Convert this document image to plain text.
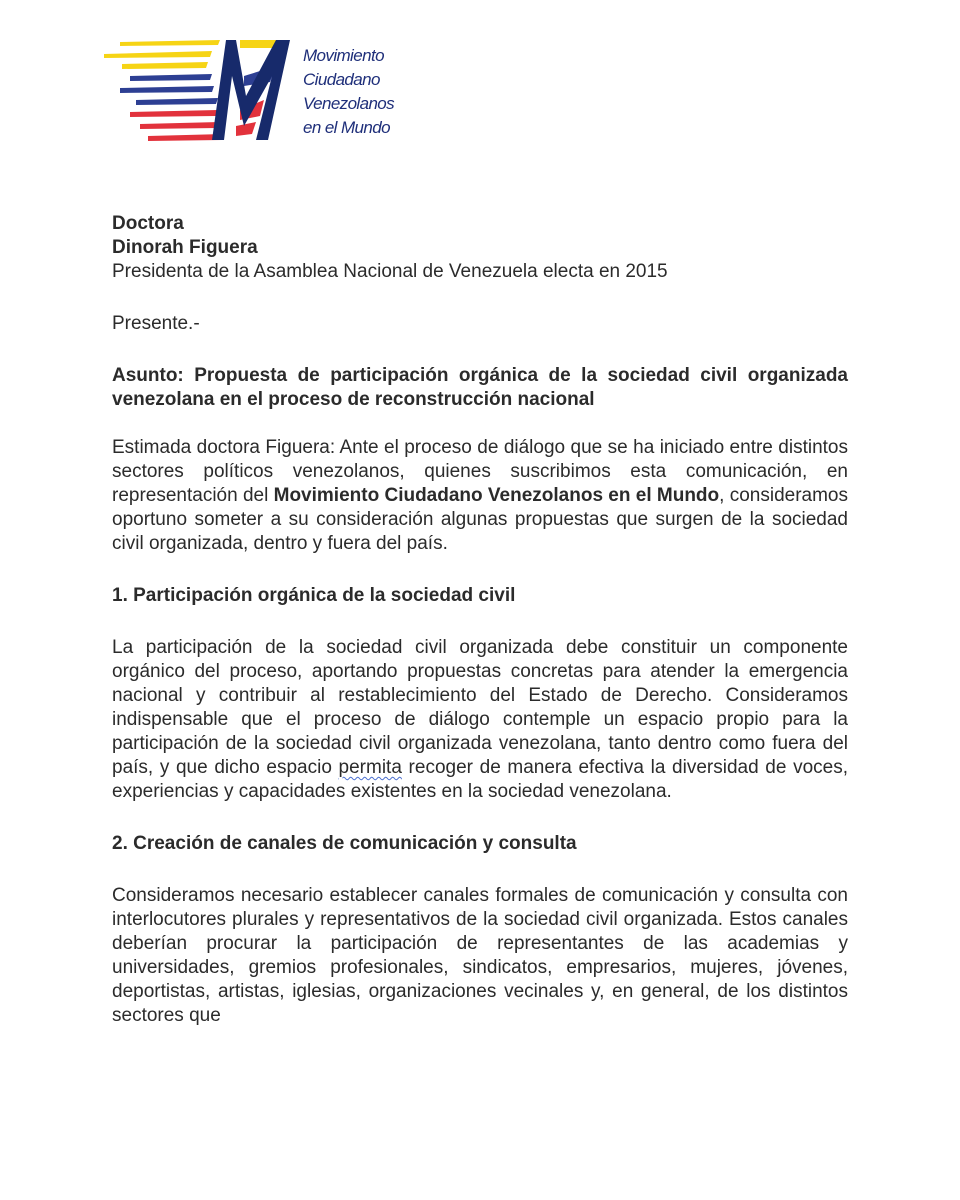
Movimiento
Ciudadano
Venezolanos
en el Mundo

Doctora

Dinorah Figuera

Presidenta de la Asamblea Nacional de Venezuela electa en 2015

Presente.-

Asunto: Propuesta de participación orgánica de la sociedad civil organizada venezolana en el proceso de reconstrucción nacional

Estimada doctora Figuera: Ante el proceso de diálogo que se ha iniciado entre distintos sectores políticos venezolanos, quienes suscribimos esta comunicación, en representación del Movimiento Ciudadano Venezolanos en el Mundo, consideramos oportuno someter a su consideración algunas propuestas que surgen de la sociedad civil organizada, dentro y fuera del país.

1. Participación orgánica de la sociedad civil

La participación de la sociedad civil organizada debe constituir un componente orgánico del proceso, aportando propuestas concretas para atender la emergencia nacional y contribuir al restablecimiento del Estado de Derecho. Consideramos indispensable que el proceso de diálogo contemple un espacio propio para la participación de la sociedad civil organizada venezolana, tanto dentro como fuera del país, y que dicho espacio permita recoger de manera efectiva la diversidad de voces, experiencias y capacidades existentes en la sociedad venezolana.

2. Creación de canales de comunicación y consulta

Consideramos necesario establecer canales formales de comunicación y consulta con interlocutores plurales y representativos de la sociedad civil organizada. Estos canales deberían procurar la participación de representantes de las academias y universidades, gremios profesionales, sindicatos, empresarios, mujeres, jóvenes, deportistas, artistas, iglesias, organizaciones vecinales y, en general, de los distintos sectores que
